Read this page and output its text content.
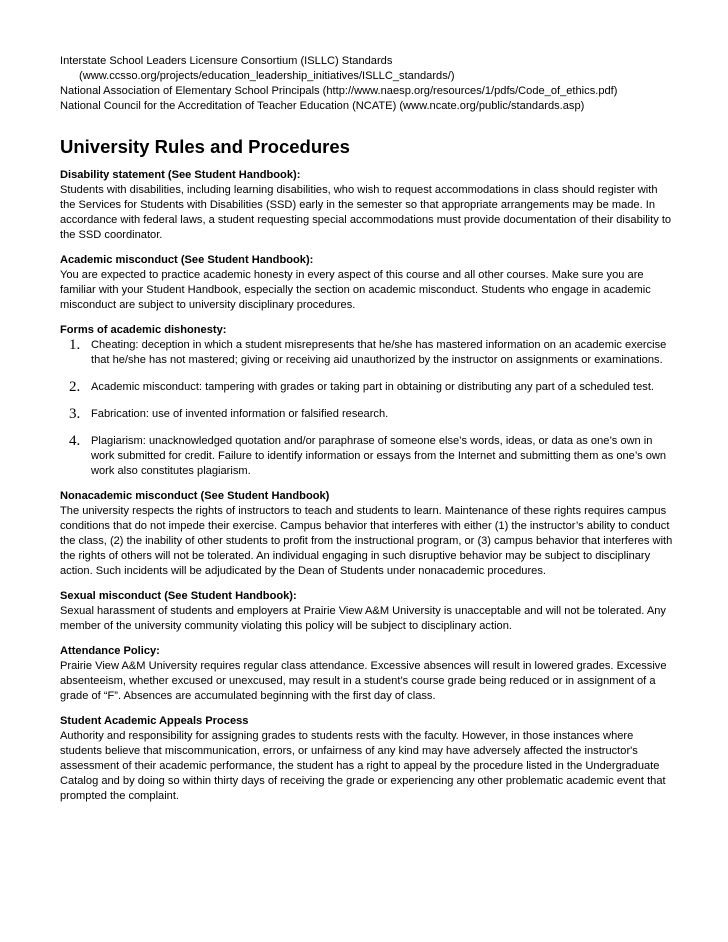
Interstate School Leaders Licensure Consortium (ISLLC) Standards
(www.ccsso.org/projects/education_leadership_initiatives/ISLLC_standards/)
National Association of Elementary School Principals (http://www.naesp.org/resources/1/pdfs/Code_of_ethics.pdf)
National Council for the Accreditation of Teacher Education (NCATE) (www.ncate.org/public/standards.asp)
University Rules and Procedures
Disability statement (See Student Handbook):
Students with disabilities, including learning disabilities, who wish to request accommodations in class should register with the Services for Students with Disabilities (SSD) early in the semester so that appropriate arrangements may be made. In accordance with federal laws, a student requesting special accommodations must provide documentation of their disability to the SSD coordinator.
Academic misconduct (See Student Handbook):
You are expected to practice academic honesty in every aspect of this course and all other courses. Make sure you are familiar with your Student Handbook, especially the section on academic misconduct. Students who engage in academic misconduct are subject to university disciplinary procedures.
Forms of academic dishonesty:
1. Cheating: deception in which a student misrepresents that he/she has mastered information on an academic exercise that he/she has not mastered; giving or receiving aid unauthorized by the instructor on assignments or examinations.
2. Academic misconduct: tampering with grades or taking part in obtaining or distributing any part of a scheduled test.
3. Fabrication: use of invented information or falsified research.
4. Plagiarism: unacknowledged quotation and/or paraphrase of someone else’s words, ideas, or data as one’s own in work submitted for credit. Failure to identify information or essays from the Internet and submitting them as one’s own work also constitutes plagiarism.
Nonacademic misconduct (See Student Handbook)
The university respects the rights of instructors to teach and students to learn. Maintenance of these rights requires campus conditions that do not impede their exercise. Campus behavior that interferes with either (1) the instructor’s ability to conduct the class, (2) the inability of other students to profit from the instructional program, or (3) campus behavior that interferes with the rights of others will not be tolerated. An individual engaging in such disruptive behavior may be subject to disciplinary action. Such incidents will be adjudicated by the Dean of Students under nonacademic procedures.
Sexual misconduct (See Student Handbook):
Sexual harassment of students and employers at Prairie View A&M University is unacceptable and will not be tolerated. Any member of the university community violating this policy will be subject to disciplinary action.
Attendance Policy:
Prairie View A&M University requires regular class attendance. Excessive absences will result in lowered grades. Excessive absenteeism, whether excused or unexcused, may result in a student’s course grade being reduced or in assignment of a grade of “F”. Absences are accumulated beginning with the first day of class.
Student Academic Appeals Process
Authority and responsibility for assigning grades to students rests with the faculty. However, in those instances where students believe that miscommunication, errors, or unfairness of any kind may have adversely affected the instructor's assessment of their academic performance, the student has a right to appeal by the procedure listed in the Undergraduate Catalog and by doing so within thirty days of receiving the grade or experiencing any other problematic academic event that prompted the complaint.
